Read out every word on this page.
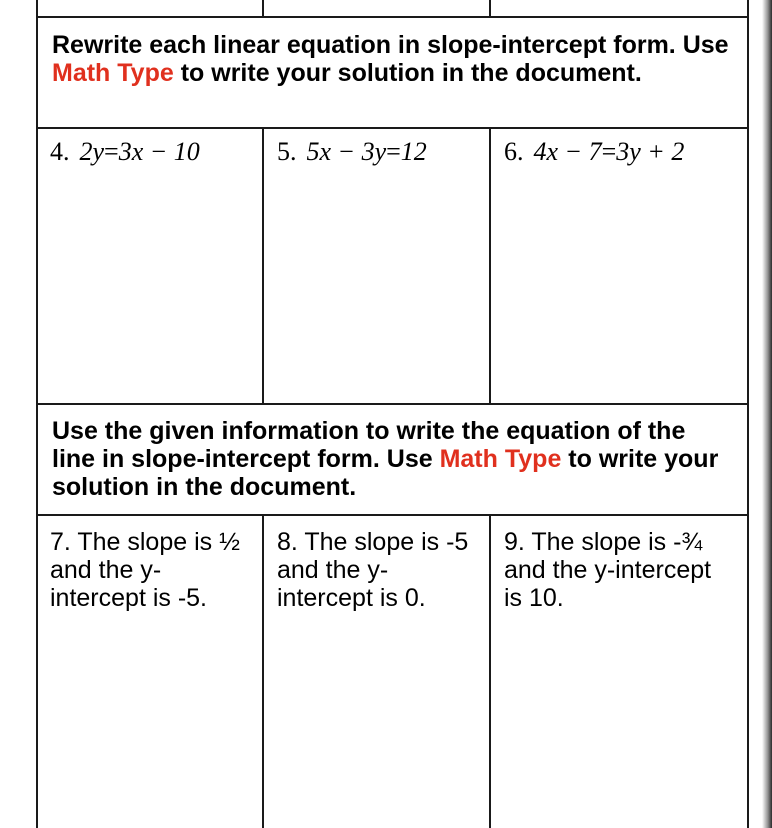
Rewrite each linear equation in slope-intercept form. Use Math Type to write your solution in the document.
4. 2y=3x − 10	5. 5x − 3y=12	6. 4x − 7=3y + 2
Use the given information to write the equation of the line in slope-intercept form. Use Math Type to write your solution in the document.
7. The slope is ½ and the y-intercept is -5.
8. The slope is -5 and the y-intercept is 0.
9. The slope is -¾ and the y-intercept is 10.
